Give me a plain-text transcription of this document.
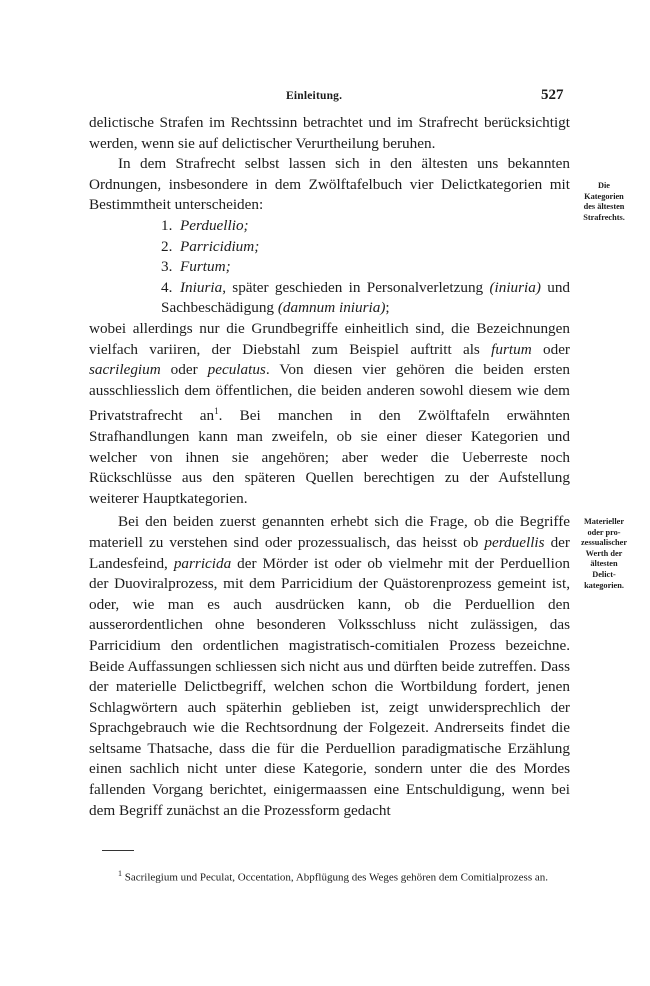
Einleitung.	527

delictische Strafen im Rechtssinn betrachtet und im Strafrecht berücksichtigt werden, wenn sie auf delictischer Verurtheilung beruhen.

In dem Strafrecht selbst lassen sich in den ältesten uns bekannten Ordnungen, insbesondere in dem Zwölftafelbuch vier Delictkategorien mit Bestimmtheit unterscheiden:

1. Perduellio;
2. Parricidium;
3. Furtum;
4. Iniuria, später geschieden in Personalverletzung (iniuria) und Sachbeschädigung (damnum iniuria);

wobei allerdings nur die Grundbegriffe einheitlich sind, die Bezeichnungen vielfach variiren, der Diebstahl zum Beispiel auftritt als furtum oder sacrilegium oder peculatus. Von diesen vier gehören die beiden ersten ausschliesslich dem öffentlichen, die beiden anderen sowohl diesem wie dem Privatstrafrecht $an^1$. Bei manchen in den Zwölftafeln erwähnten Strafhandlungen kann man zweifeln, ob sie einer dieser Kategorien und welcher von ihnen sie angehören; aber weder die Ueberreste noch Rückschlüsse aus den späteren Quellen berechtigen zu der Aufstellung weiterer Hauptkategorien.

Bei den beiden zuerst genannten erhebt sich die Frage, ob die Begriffe materiell zu verstehen sind oder prozessualisch, das heisst ob perduellis der Landesfeind, parricida der Mörder ist oder ob vielmehr mit der Perduellion der Duoviralprozess, mit dem Parricidium der Quästorenprozess gemeint ist, oder, wie man es auch ausdrücken kann, ob die Perduellion den ausserordentlichen ohne besonderen Volksschluss nicht zulässigen, das Parricidium den ordentlichen magistratisch-comitialen Prozess bezeichne. Beide Auffassungen schliessen sich nicht aus und dürften beide zutreffen. Dass der materielle Delictbegriff, welchen schon die Wortbildung fordert, jenen Schlagwörtern auch späterhin geblieben ist, zeigt unwidersprechlich der Sprachgebrauch wie die Rechtsordnung der Folgezeit. Andrerseits findet die seltsame Thatsache, dass die für die Perduellion paradigmatische Erzählung einen sachlich nicht unter diese Kategorie, sondern unter die des Mordes fallenden Vorgang berichtet, einigermaassen eine Entschuldigung, wenn bei dem Begriff zunächst an die Prozessform gedacht

Die
Kategorien
des ältesten
Strafrechts.
Materieller
oder pro-
zessualischer
Werth der
ältesten
Delict-
kategorien.
$^1$ Sacrilegium und Peculat, Occentation, Abpflügung des Weges gehören dem Comitialprozess an.
